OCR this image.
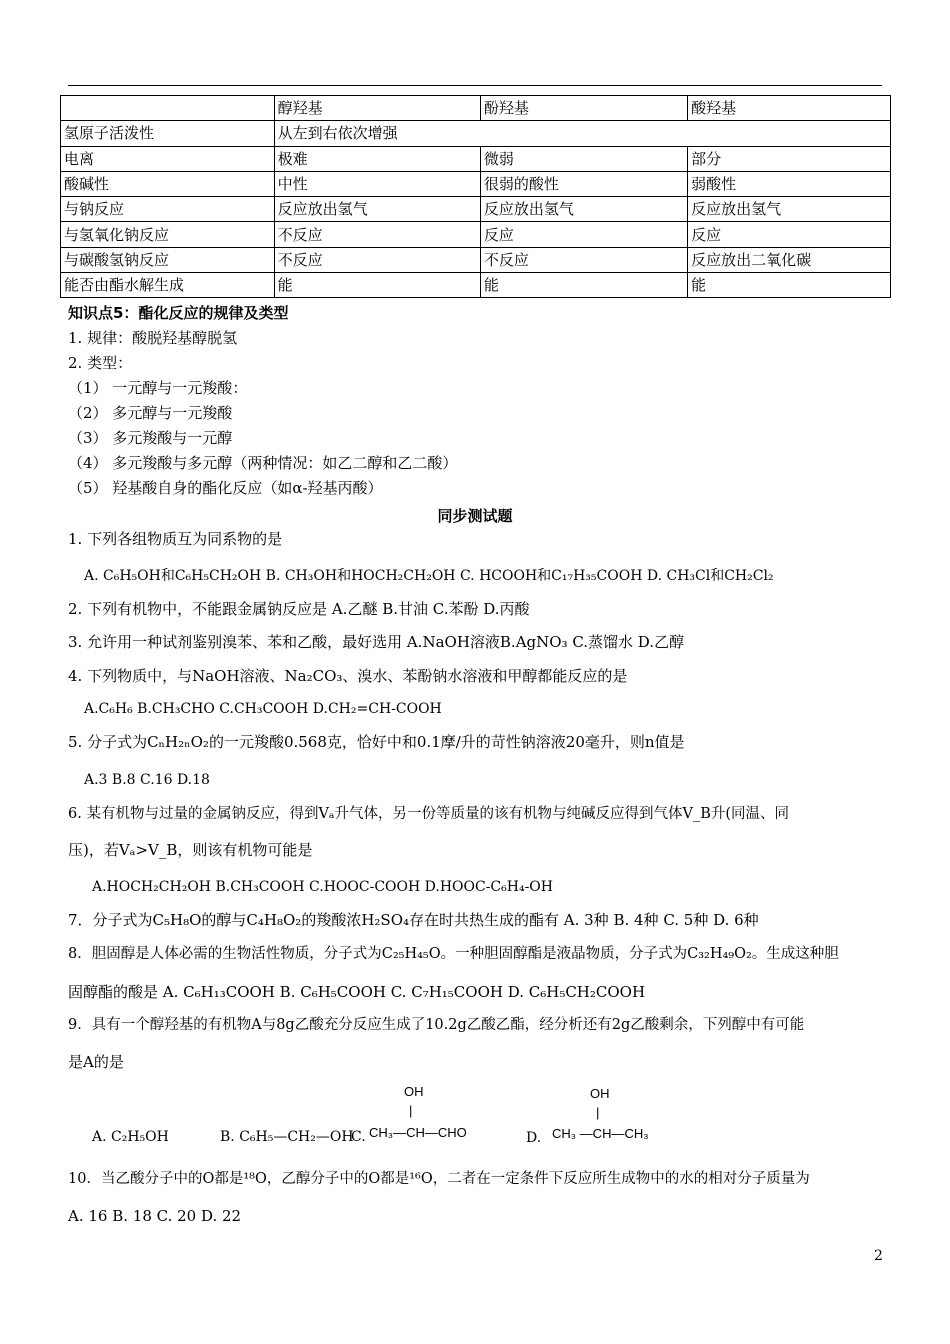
	醇羟基	酚羟基	酸羟基
氢原子活泼性	从左到右依次增强		
电离	极难	微弱	部分
酸碱性	中性	很弱的酸性	弱酸性
与钠反应	反应放出氢气	反应放出氢气	反应放出氢气
与氢氧化钠反应	不反应	反应	反应
与碳酸氢钠反应	不反应	不反应	反应放出二氧化碳
能否由酯水解生成	能	能	能
知识点5：酯化反应的规律及类型
1. 规律：酸脱羟基醇脱氢
2. 类型：
（1） 一元醇与一元羧酸：
（2） 多元醇与一元羧酸
（3） 多元羧酸与一元醇
（4） 多元羧酸与多元醇（两种情况：如乙二醇和乙二酸）
（5） 羟基酸自身的酯化反应（如α-羟基丙酸）
同步测试题
1. 下列各组物质互为同系物的是
A. C₆H₅OH和C₆H₅CH₂OH B. CH₃OH和HOCH₂CH₂OH C. HCOOH和C₁₇H₃₅COOH D. CH₃Cl和CH₂Cl₂
2. 下列有机物中，不能跟金属钠反应是 A.乙醚 B.甘油 C.苯酚 D.丙酸
3. 允许用一种试剂鉴别溴苯、苯和乙酸，最好选用 A.NaOH溶液B.AgNO₃ C.蒸馏水 D.乙醇
4. 下列物质中，与NaOH溶液、Na₂CO₃、溴水、苯酚钠水溶液和甲醇都能反应的是
A.C₆H₆ B.CH₃CHO C.CH₃COOH D.CH₂=CH-COOH
5. 分子式为CₙH₂ₙO₂的一元羧酸0.568克，恰好中和0.1摩/升的苛性钠溶液20毫升，则n值是
A.3 B.8 C.16 D.18
6. 某有机物与过量的金属钠反应，得到Vₐ升气体，另一份等质量的该有机物与纯碱反应得到气体V_B升(同温、同
压)，若Vₐ>V_B，则该有机物可能是
A.HOCH₂CH₂OH B.CH₃COOH C.HOOC-COOH D.HOOC-C₆H₄-OH
7．分子式为C₅H₈O的醇与C₄H₈O₂的羧酸浓H₂SO₄存在时共热生成的酯有 A. 3种 B. 4种 C. 5种 D. 6种
8．胆固醇是人体必需的生物活性物质，分子式为C₂₅H₄₅O。一种胆固醇酯是液晶物质，分子式为C₃₂H₄₉O₂。生成这种胆
固醇酯的酸是 A. C₆H₁₃COOH B. C₆H₅COOH C. C₇H₁₅COOH D. C₆H₅CH₂COOH
9．具有一个醇羟基的有机物A与8g乙酸充分反应生成了10.2g乙酸乙酯，经分析还有2g乙酸剩余，下列醇中有可能
是A的是
A. C₂H₅OH	B. C₆H₅—CH₂—OH
C.
OH
|
CH₃—CH—CHO	D.
OH
|
CH₃ —CH—CH₃
10．当乙酸分子中的O都是¹⁸O，乙醇分子中的O都是¹⁶O，二者在一定条件下反应所生成物中的水的相对分子质量为
A. 16 B. 18 C. 20 D. 22
2
